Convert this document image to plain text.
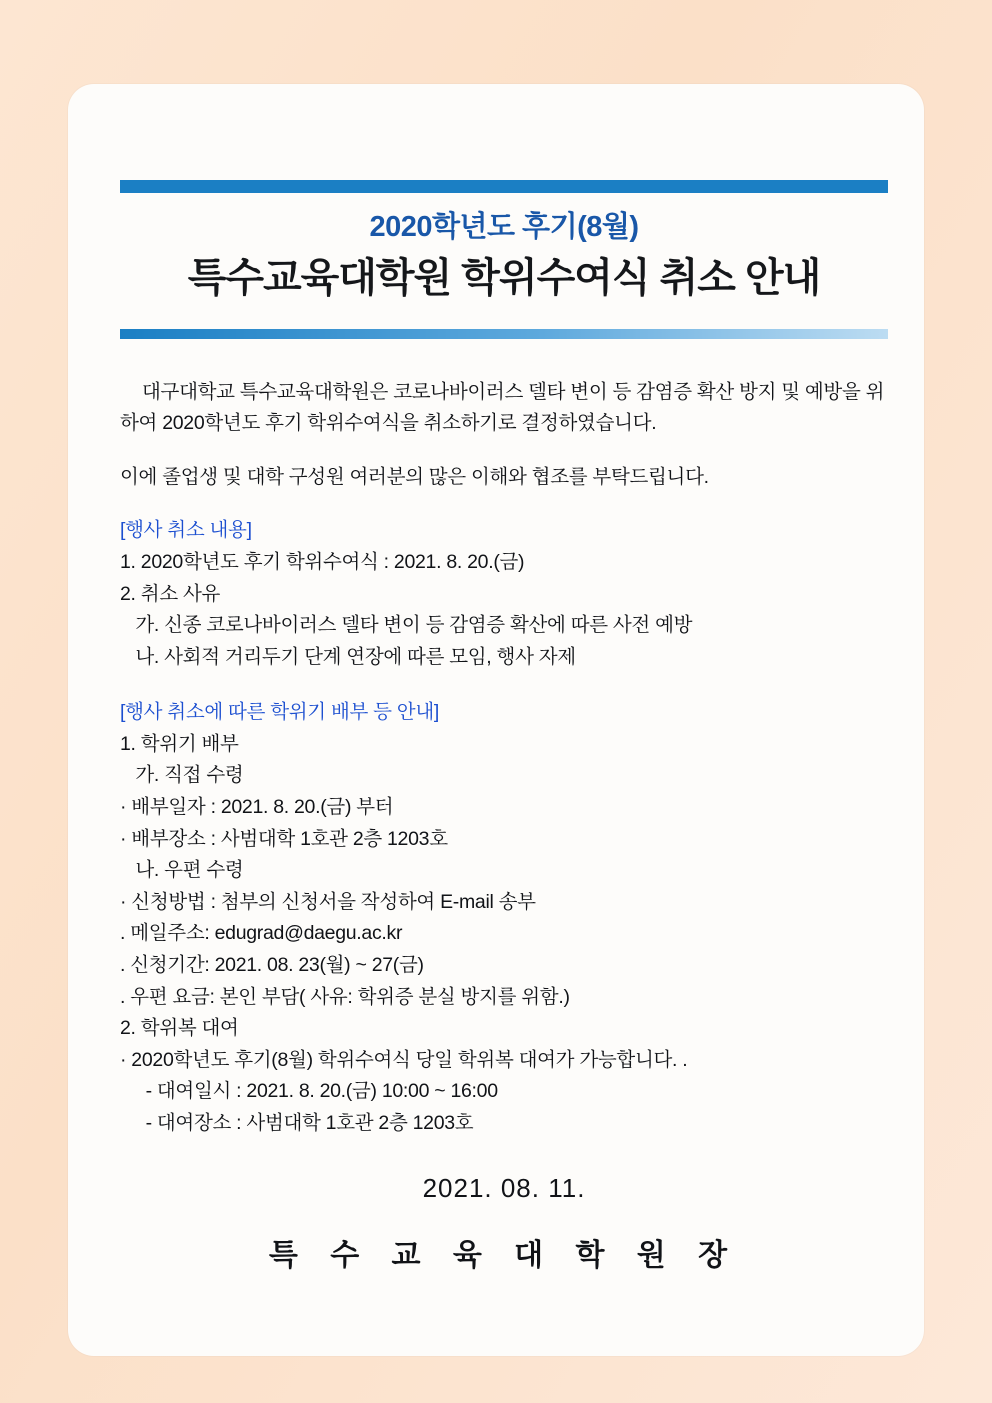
2020학년도 후기(8월)
특수교육대학원 학위수여식 취소 안내

대구대학교 특수교육대학원은 코로나바이러스 델타 변이 등 감염증 확산 방지 및 예방을 위하여 2020학년도 후기 학위수여식을 취소하기로 결정하였습니다.

이에 졸업생 및 대학 구성원 여러분의 많은 이해와 협조를 부탁드립니다.

[행사 취소 내용]

1. 2020학년도 후기 학위수여식 : 2021. 8. 20.(금)

2. 취소 사유

가. 신종 코로나바이러스 델타 변이 등 감염증 확산에 따른 사전 예방

나. 사회적 거리두기 단계 연장에 따른 모임, 행사 자제

[행사 취소에 따른 학위기 배부 등 안내]

1. 학위기 배부

가. 직접 수령

· 배부일자 : 2021. 8. 20.(금) 부터

· 배부장소 : 사범대학 1호관 2층 1203호

나. 우편 수령

· 신청방법 : 첨부의 신청서을 작성하여 E-mail 송부

. 메일주소: edugrad@daegu.ac.kr

. 신청기간: 2021. 08. 23(월) ~ 27(금)

. 우편 요금: 본인 부담( 사유: 학위증 분실 방지를 위함.)

2. 학위복 대여

· 2020학년도 후기(8월) 학위수여식 당일 학위복 대여가 가능합니다. .

- 대여일시 : 2021. 8. 20.(금) 10:00 ~ 16:00

- 대여장소 : 사범대학 1호관 2층 1203호

2021. 08. 11.
특 수 교 육 대 학 원 장
